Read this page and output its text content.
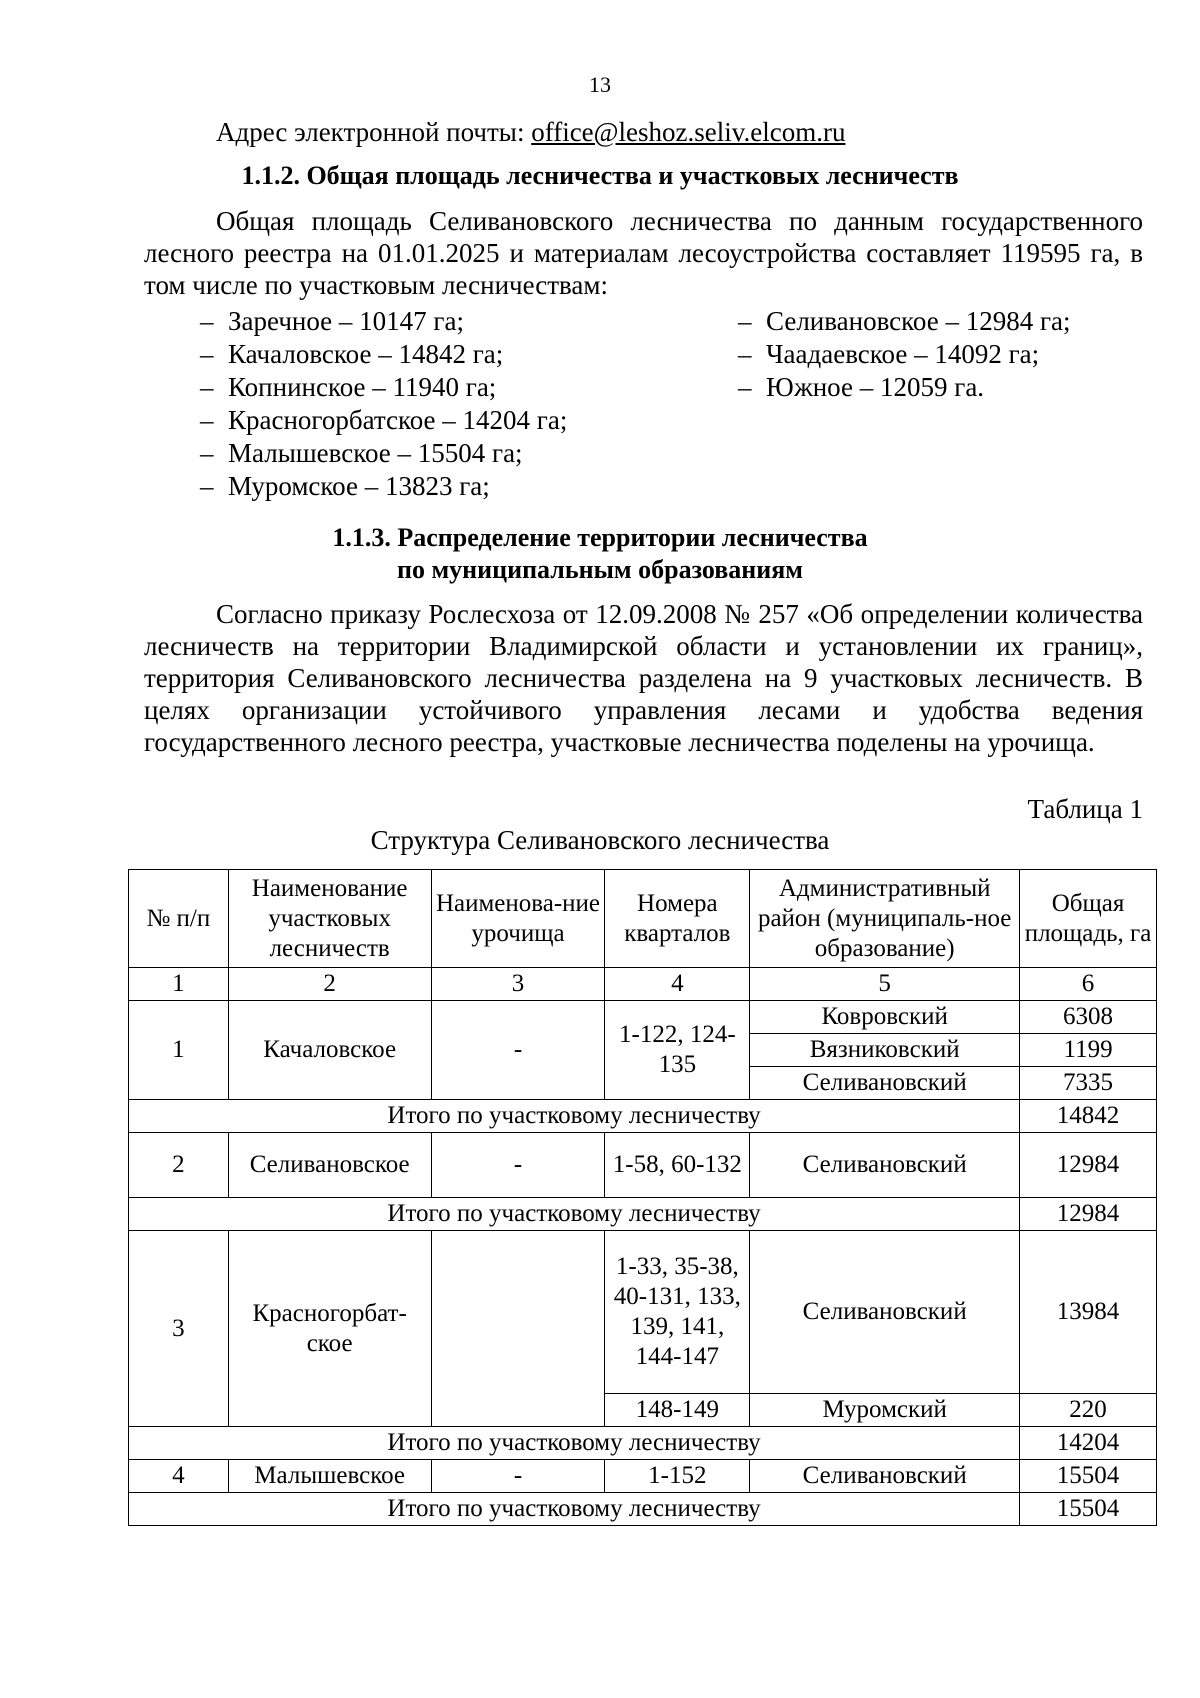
13
Адрес электронной почты: office@leshoz.seliv.elcom.ru
1.1.2. Общая площадь лесничества и участковых лесничеств
Общая площадь Селивановского лесничества по данным государственного лесного реестра на 01.01.2025 и материалам лесоустройства составляет 119595 га, в том числе по участковым лесничествам:
– Заречное – 10147 га;
– Качаловское – 14842 га;
– Копнинское – 11940 га;
– Красногорбатское – 14204 га;
– Малышевское – 15504 га;
– Муромское – 13823 га;
– Селивановское – 12984 га;
– Чаадаевское – 14092 га;
– Южное – 12059 га.
1.1.3. Распределение территории лесничества
по муниципальным образованиям
Согласно приказу Рослесхоза от 12.09.2008 № 257 «Об определении количества лесничеств на территории Владимирской области и установлении их границ», территория Селивановского лесничества разделена на 9 участковых лесничеств. В целях организации устойчивого управления лесами и удобства ведения государственного лесного реестра, участковые лесничества поделены на урочища.
Таблица 1
Структура Селивановского лесничества
№ п/п	Наименование участковых лесничеств	Наименова-ние урочища	Номера кварталов	Административный район (муниципаль-ное образование)	Общая площадь, га
1	2	3	4	5	6
1	Качаловское	-	1-122, 124-135	Ковровский	6308
				Вязниковский	1199
				Селивановский	7335
Итого по участковому лесничеству					14842
2	Селивановское	-	1-58, 60-132	Селивановский	12984
Итого по участковому лесничеству					12984
3	Красногорбат-ское		1-33, 35-38, 40-131, 133, 139, 141, 144-147	Селивановский	13984
			148-149	Муромский	220
Итого по участковому лесничеству					14204
4	Малышевское	-	1-152	Селивановский	15504
Итого по участковому лесничеству					15504
